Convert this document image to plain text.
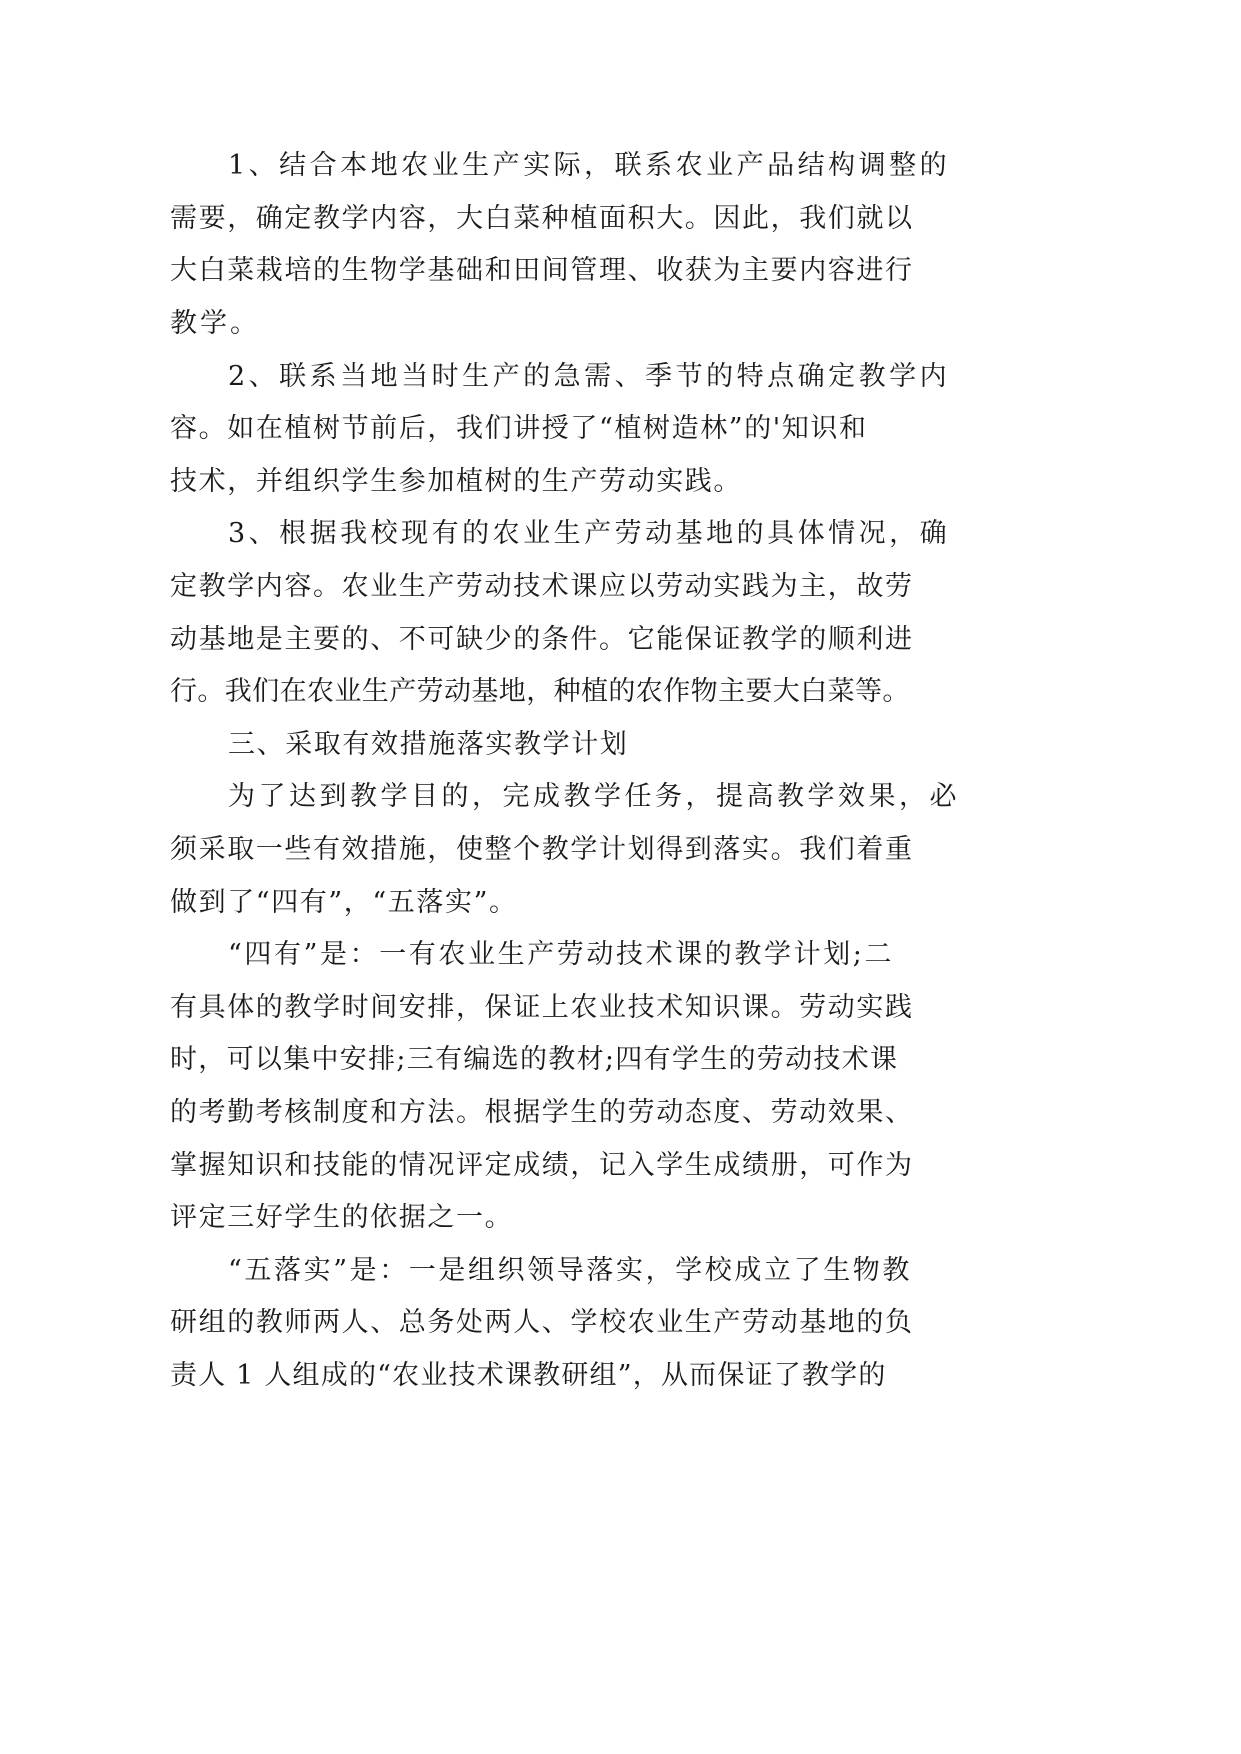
1、结合本地农业生产实际，联系农业产品结构调整的

需要，确定教学内容，大白菜种植面积大。因此，我们就以

大白菜栽培的生物学基础和田间管理、收获为主要内容进行

教学。

2、联系当地当时生产的急需、季节的特点确定教学内

容。如在植树节前后，我们讲授了“植树造林”的'知识和

技术，并组织学生参加植树的生产劳动实践。

3、根据我校现有的农业生产劳动基地的具体情况，确

定教学内容。农业生产劳动技术课应以劳动实践为主，故劳

动基地是主要的、不可缺少的条件。它能保证教学的顺利进

行。我们在农业生产劳动基地，种植的农作物主要大白菜等。

三、采取有效措施落实教学计划

为了达到教学目的，完成教学任务，提高教学效果，必

须采取一些有效措施，使整个教学计划得到落实。我们着重

做到了“四有”，“五落实”。

“四有”是：一有农业生产劳动技术课的教学计划;二

有具体的教学时间安排，保证上农业技术知识课。劳动实践

时，可以集中安排;三有编选的教材;四有学生的劳动技术课

的考勤考核制度和方法。根据学生的劳动态度、劳动效果、

掌握知识和技能的情况评定成绩，记入学生成绩册，可作为

评定三好学生的依据之一。

“五落实”是：一是组织领导落实，学校成立了生物教

研组的教师两人、总务处两人、学校农业生产劳动基地的负

责人 1 人组成的“农业技术课教研组”，从而保证了教学的
